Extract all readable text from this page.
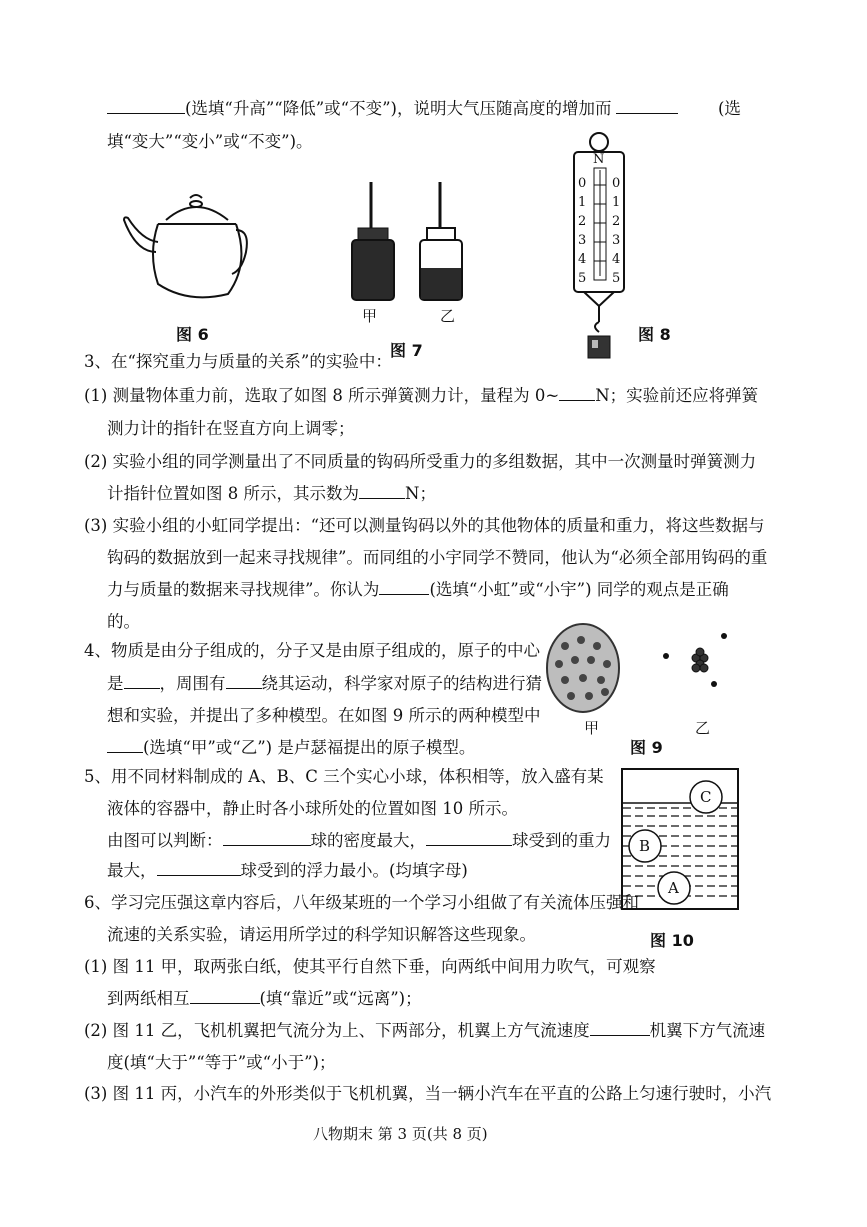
(选填“升高”“降低”或“不变”)，说明大气压随高度的增加而	(选
填“变大”“变小”或“不变”)。
图 6
甲	乙
图 7
N
0
1
2
3
4
5
0
1
2
3
4
5
图 8
3、在“探究重力与质量的关系”的实验中：
(1) 测量物体重力前，选取了如图 8 所示弹簧测力计，量程为 0~ N；实验前还应将弹簧
测力计的指针在竖直方向上调零；
(2) 实验小组的同学测量出了不同质量的钩码所受重力的多组数据，其中一次测量时弹簧测力
计指针位置如图 8 所示，其示数为	N；
(3) 实验小组的小虹同学提出：“还可以测量钩码以外的其他物体的质量和重力，将这些数据与
钩码的数据放到一起来寻找规律”。而同组的小宇同学不赞同，他认为“必须全部用钩码的重
力与质量的数据来寻找规律”。你认为	(选填“小虹”或“小宇”) 同学的观点是正确
的。
4、物质是由分子组成的，分子又是由原子组成的，原子的中心
是 ，周围有 绕其运动，科学家对原子的结构进行猜
想和实验，并提出了多种模型。在如图 9 所示的两种模型中
(选填“甲”或“乙”) 是卢瑟福提出的原子模型。
甲	乙
图 9
5、用不同材料制成的 A、B、C 三个实心小球，体积相等，放入盛有某
液体的容器中，静止时各小球所处的位置如图 10 所示。
由图可以判断：	球的密度最大，	球受到的重力
最大，	球受到的浮力最小。(均填字母)
C
B
A
图 10
6、学习完压强这章内容后，八年级某班的一个学习小组做了有关流体压强和
流速的关系实验，请运用所学过的科学知识解答这些现象。
(1) 图 11 甲，取两张白纸，使其平行自然下垂，向两纸中间用力吹气，可观察
到两纸相互	(填“靠近”或“远离”)；
(2) 图 11 乙，飞机机翼把气流分为上、下两部分，机翼上方气流速度	机翼下方气流速
度(填“大于”“等于”或“小于”)；
(3) 图 11 丙，小汽车的外形类似于飞机机翼，当一辆小汽车在平直的公路上匀速行驶时，小汽
八物期末 第 3 页(共 8 页)
